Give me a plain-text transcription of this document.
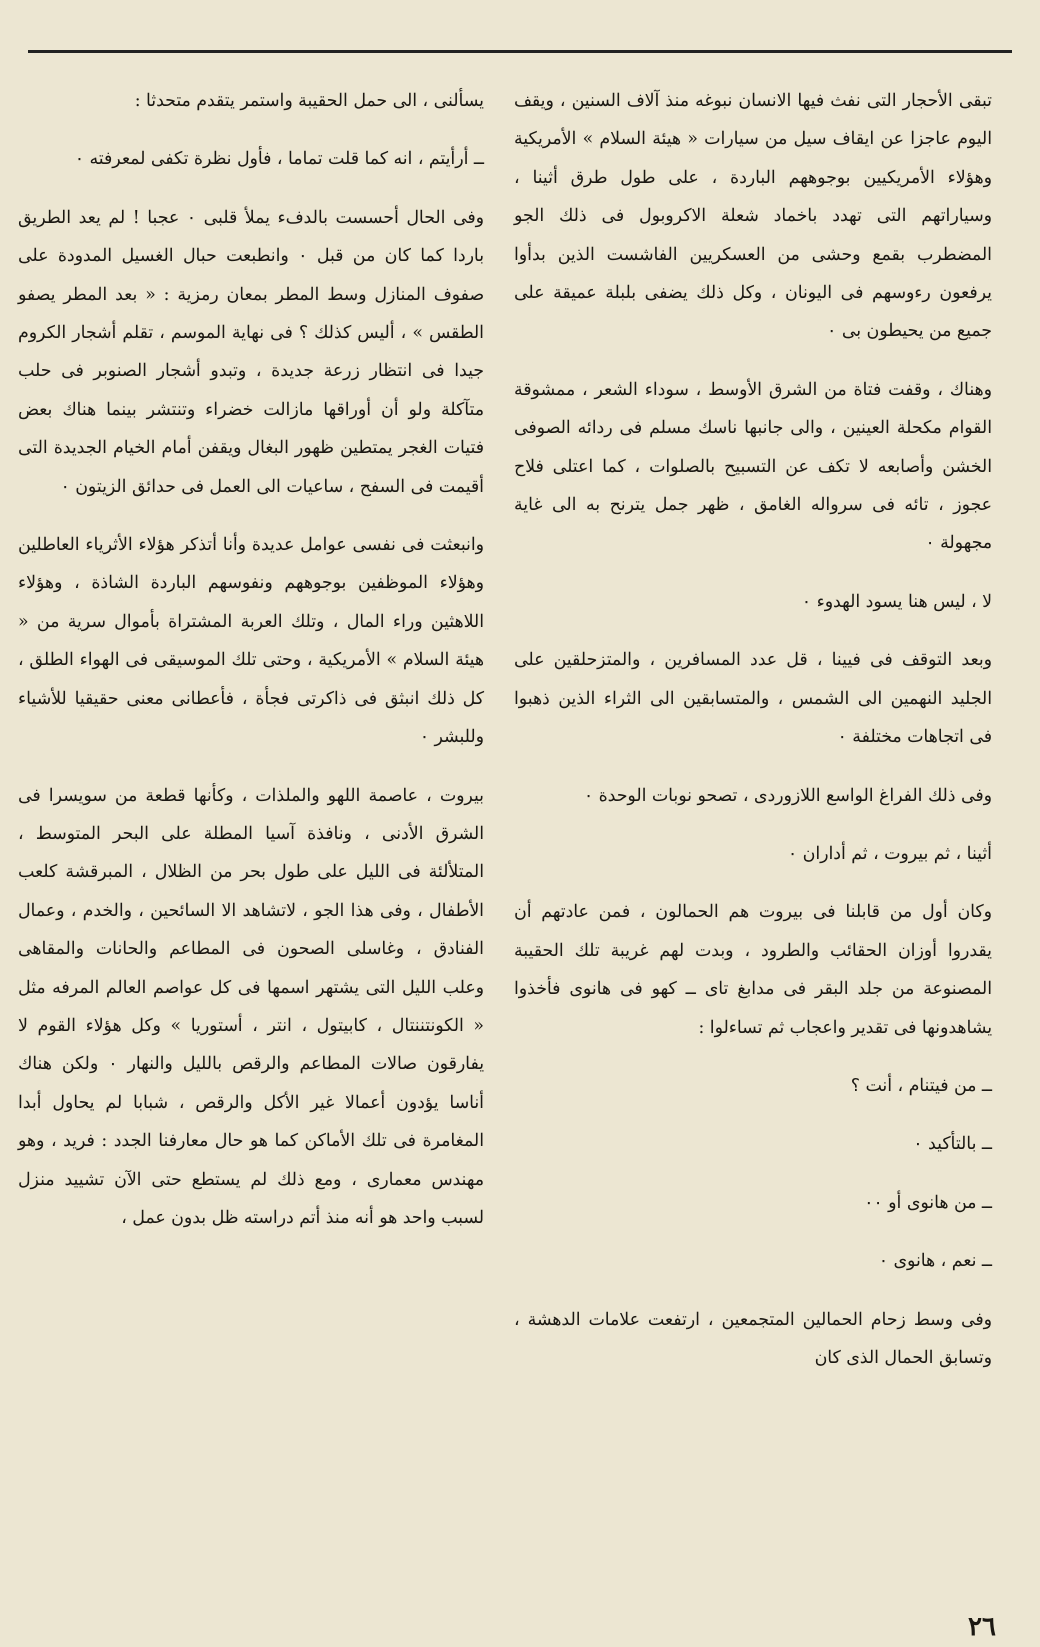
تبقى الأحجار التى نفث فيها الانسان نبوغه منذ آلاف السنين ، ويقف اليوم عاجزا عن ايقاف سيل من سيارات « هيئة السلام » الأمريكية وهؤلاء الأمريكيين بوجوههم الباردة ، على طول طرق أثينا ، وسياراتهم التى تهدد باخماد شعلة الاكروبول فى ذلك الجو المضطرب بقمع وحشى من العسكريين الفاشست الذين بدأوا يرفعون رءوسهم فى اليونان ، وكل ذلك يضفى بلبلة عميقة على جميع من يحيطون بى ٠

وهناك ، وقفت فتاة من الشرق الأوسط ، سوداء الشعر ، ممشوقة القوام مكحلة العينين ، والى جانبها ناسك مسلم فى ردائه الصوفى الخشن وأصابعه لا تكف عن التسبيح بالصلوات ، كما اعتلى فلاح عجوز ، تائه فى سرواله الغامق ، ظهر جمل يترنح به الى غاية مجهولة ٠

لا ، ليس هنا يسود الهدوء ٠

وبعد التوقف فى فيينا ، قل عدد المسافرين ، والمتزحلقين على الجليد النهمين الى الشمس ، والمتسابقين الى الثراء الذين ذهبوا فى اتجاهات مختلفة ٠

وفى ذلك الفراغ الواسع اللازوردى ، تصحو نوبات الوحدة ٠

أثينا ، ثم بيروت ، ثم أداران ٠

وكان أول من قابلنا فى بيروت هم الحمالون ، فمن عادتهم أن يقدروا أوزان الحقائب والطرود ، وبدت لهم غريبة تلك الحقيبة المصنوعة من جلد البقر فى مدابغ تاى ــ كهو فى هانوى فأخذوا يشاهدونها فى تقدير واعجاب ثم تساءلوا :

ــ من فيتنام ، أنت ؟

ــ بالتأكيد ٠

ــ من هانوى أو ٠٠

ــ نعم ، هانوى ٠

وفى وسط زحام الحمالين المتجمعين ، ارتفعت علامات الدهشة ، وتسابق الحمال الذى كان

يسألنى ، الى حمل الحقيبة واستمر يتقدم متحدثا :

ــ أرأيتم ، انه كما قلت تماما ، فأول نظرة تكفى لمعرفته ٠

وفى الحال أحسست بالدفء يملأ قلبى ٠ عجبا ! لم يعد الطريق باردا كما كان من قبل ٠ وانطبعت حبال الغسيل المدودة على صفوف المنازل وسط المطر بمعان رمزية : « بعد المطر يصفو الطقس » ، أليس كذلك ؟ فى نهاية الموسم ، تقلم أشجار الكروم جيدا فى انتظار زرعة جديدة ، وتبدو أشجار الصنوبر فى حلب متآكلة ولو أن أوراقها مازالت خضراء وتنتشر بينما هناك بعض فتيات الغجر يمتطين ظهور البغال ويقفن أمام الخيام الجديدة التى أقيمت فى السفح ، ساعيات الى العمل فى حدائق الزيتون ٠

وانبعثت فى نفسى عوامل عديدة وأنا أتذكر هؤلاء الأثرياء العاطلين وهؤلاء الموظفين بوجوههم ونفوسهم الباردة الشاذة ، وهؤلاء اللاهثين وراء المال ، وتلك العربة المشتراة بأموال سرية من « هيئة السلام » الأمريكية ، وحتى تلك الموسيقى فى الهواء الطلق ، كل ذلك انبثق فى ذاكرتى فجأة ، فأعطانى معنى حقيقيا للأشياء وللبشر ٠

بيروت ، عاصمة اللهو والملذات ، وكأنها قطعة من سويسرا فى الشرق الأدنى ، ونافذة آسيا المطلة على البحر المتوسط ، المتلألئة فى الليل على طول بحر من الظلال ، المبرقشة كلعب الأطفال ، وفى هذا الجو ، لاتشاهد الا السائحين ، والخدم ، وعمال الفنادق ، وغاسلى الصحون فى المطاعم والحانات والمقاهى وعلب الليل التى يشتهر اسمها فى كل عواصم العالم المرفه مثل « الكونتننتال ، كابيتول ، انتر ، أستوريا » وكل هؤلاء القوم لا يفارقون صالات المطاعم والرقص بالليل والنهار ٠ ولكن هناك أناسا يؤدون أعمالا غير الأكل والرقص ، شبابا لم يحاول أبدا المغامرة فى تلك الأماكن كما هو حال معارفنا الجدد : فريد ، وهو مهندس معمارى ، ومع ذلك لم يستطع حتى الآن تشييد منزل لسبب واحد هو أنه منذ أتم دراسته ظل بدون عمل ،

٢٦
